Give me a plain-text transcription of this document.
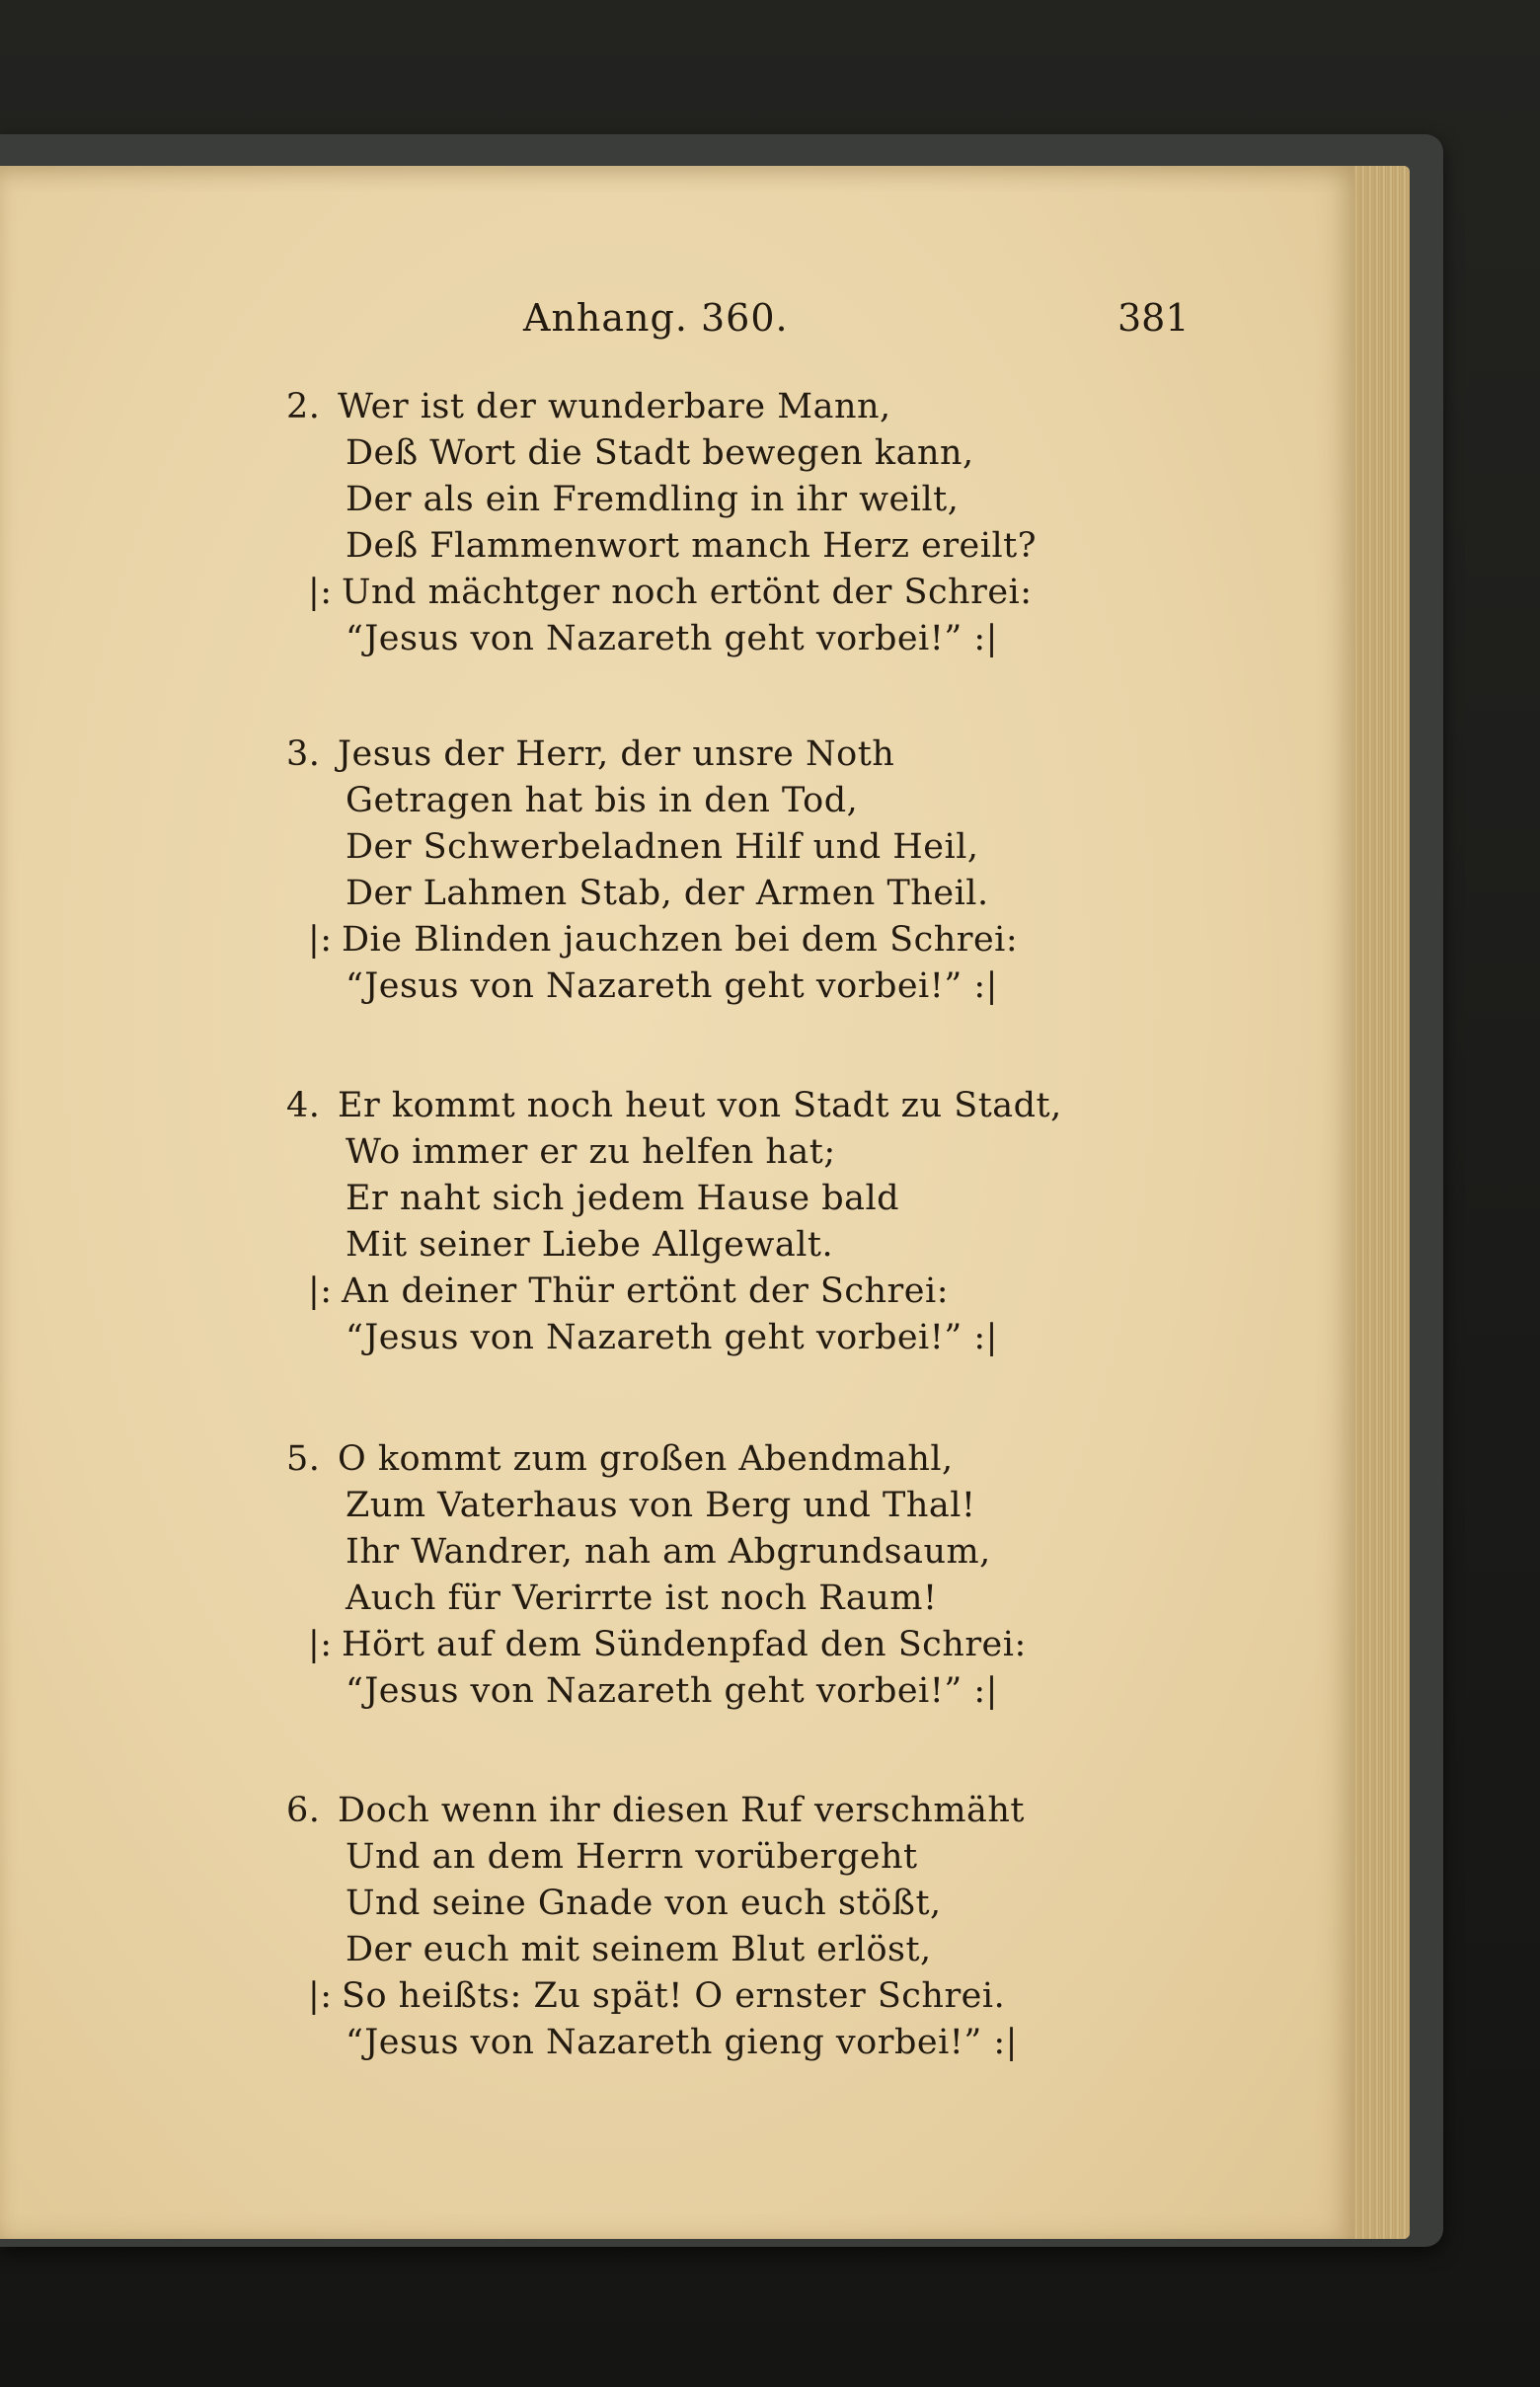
Anhang. 360.	381
2. Wer ist der wunderbare Mann,
Deß Wort die Stadt bewegen kann,
Der als ein Fremdling in ihr weilt,
Deß Flammenwort manch Herz ereilt?
|: Und mächtger noch ertönt der Schrei:
“Jesus von Nazareth geht vorbei!” :|
3. Jesus der Herr, der unsre Noth
Getragen hat bis in den Tod,
Der Schwerbeladnen Hilf und Heil,
Der Lahmen Stab, der Armen Theil.
|: Die Blinden jauchzen bei dem Schrei:
“Jesus von Nazareth geht vorbei!” :|
4. Er kommt noch heut von Stadt zu Stadt,
Wo immer er zu helfen hat;
Er naht sich jedem Hause bald
Mit seiner Liebe Allgewalt.
|: An deiner Thür ertönt der Schrei:
“Jesus von Nazareth geht vorbei!” :|
5. O kommt zum großen Abendmahl,
Zum Vaterhaus von Berg und Thal!
Ihr Wandrer, nah am Abgrundsaum,
Auch für Verirrte ist noch Raum!
|: Hört auf dem Sündenpfad den Schrei:
“Jesus von Nazareth geht vorbei!” :|
6. Doch wenn ihr diesen Ruf verschmäht
Und an dem Herrn vorübergeht
Und seine Gnade von euch stößt,
Der euch mit seinem Blut erlöst,
|: So heißts: Zu spät! O ernster Schrei.
“Jesus von Nazareth gieng vorbei!” :|
